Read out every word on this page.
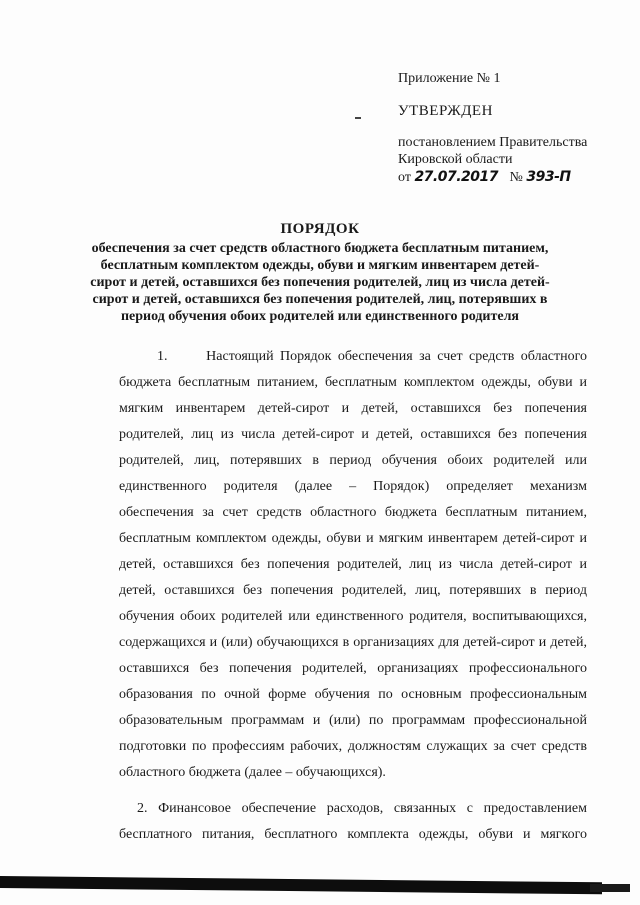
Приложение № 1
УТВЕРЖДЕН
постановлением Правительства
Кировской области
от 27.07.2017 № 393-П
ПОРЯДОК
обеспечения за счет средств областного бюджета бесплатным питанием,
бесплатным комплектом одежды, обуви и мягким инвентарем детей-
сирот и детей, оставшихся без попечения родителей, лиц из числа детей-
сирот и детей, оставшихся без попечения родителей, лиц, потерявших в
период обучения обоих родителей или единственного родителя
1.      Настоящий Порядок обеспечения за счет средств областного
бюджета бесплатным питанием, бесплатным комплектом одежды, обуви и
мягким инвентарем детей-сирот и детей, оставшихся без попечения
родителей, лиц из числа детей-сирот и детей, оставшихся без попечения
родителей, лиц, потерявших в период обучения обоих родителей или
единственного родителя (далее – Порядок) определяет механизм
обеспечения за счет средств областного бюджета бесплатным питанием,
бесплатным комплектом одежды, обуви и мягким инвентарем детей-сирот и
детей, оставшихся без попечения родителей, лиц из числа детей-сирот и
детей, оставшихся без попечения родителей, лиц, потерявших в период
обучения обоих родителей или единственного родителя, воспитывающихся,
содержащихся и (или) обучающихся в организациях для детей-сирот и детей,
оставшихся без попечения родителей, организациях профессионального
образования по очной форме обучения по основным профессиональным
образовательным программам и (или) по программам профессиональной
подготовки по профессиям рабочих, должностям служащих за счет средств
областного бюджета (далее – обучающихся).
2. Финансовое обеспечение расходов, связанных с предоставлением
бесплатного питания, бесплатного комплекта одежды, обуви и мягкого
